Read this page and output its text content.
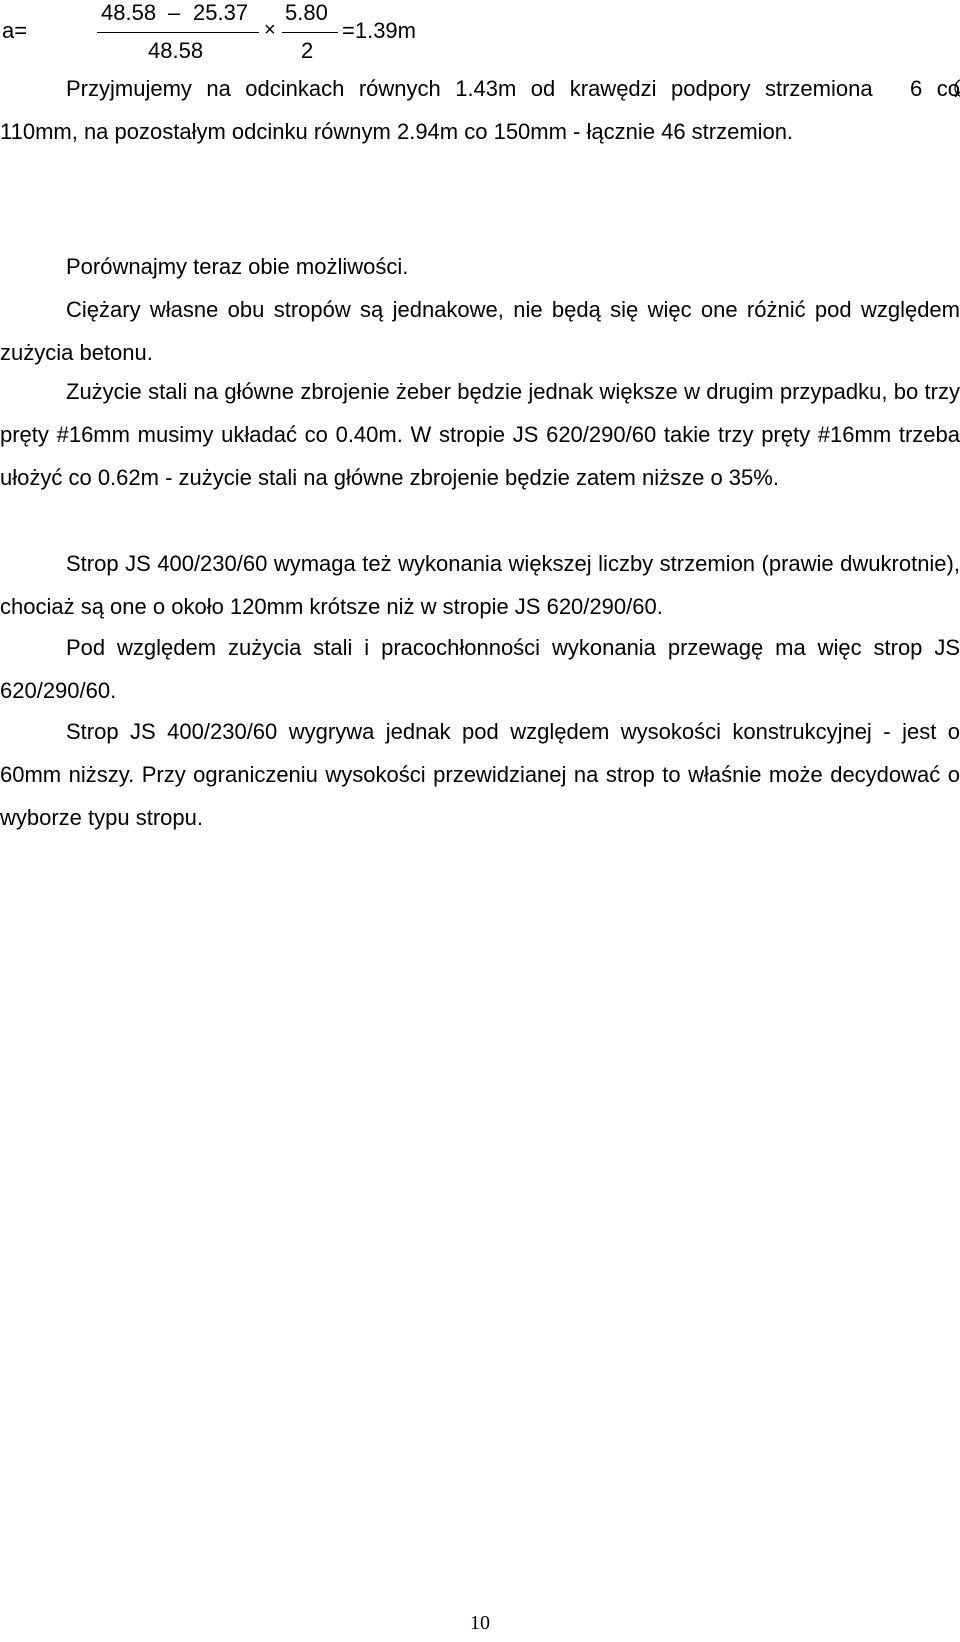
a=
48.58 – 25.37
48.58
×
5.80
2
=1.39m

Przyjmujemy na odcinkach równych 1.43m od krawędzi podpory strzemiona 6 co 110mm, na pozostałym odcinku równym 2.94m co 150mm - łącznie 46 strzemion.

Porównajmy teraz obie możliwości.

Ciężary własne obu stropów są jednakowe, nie będą się więc one różnić pod względem zużycia betonu.

Zużycie stali na główne zbrojenie żeber będzie jednak większe w drugim przypadku, bo trzy pręty #16mm musimy układać co 0.40m. W stropie JS 620/290/60 takie trzy pręty #16mm trzeba ułożyć co 0.62m - zużycie stali na główne zbrojenie będzie zatem niższe o 35%.

Strop JS 400/230/60 wymaga też wykonania większej liczby strzemion (prawie dwukrotnie), chociaż są one o około 120mm krótsze niż w stropie JS 620/290/60.

Pod względem zużycia stali i pracochłonności wykonania przewagę ma więc strop JS 620/290/60.

Strop JS 400/230/60 wygrywa jednak pod względem wysokości konstrukcyjnej - jest o 60mm niższy. Przy ograniczeniu wysokości przewidzianej na strop to właśnie może decydować o wyborze typu stropu.

10
